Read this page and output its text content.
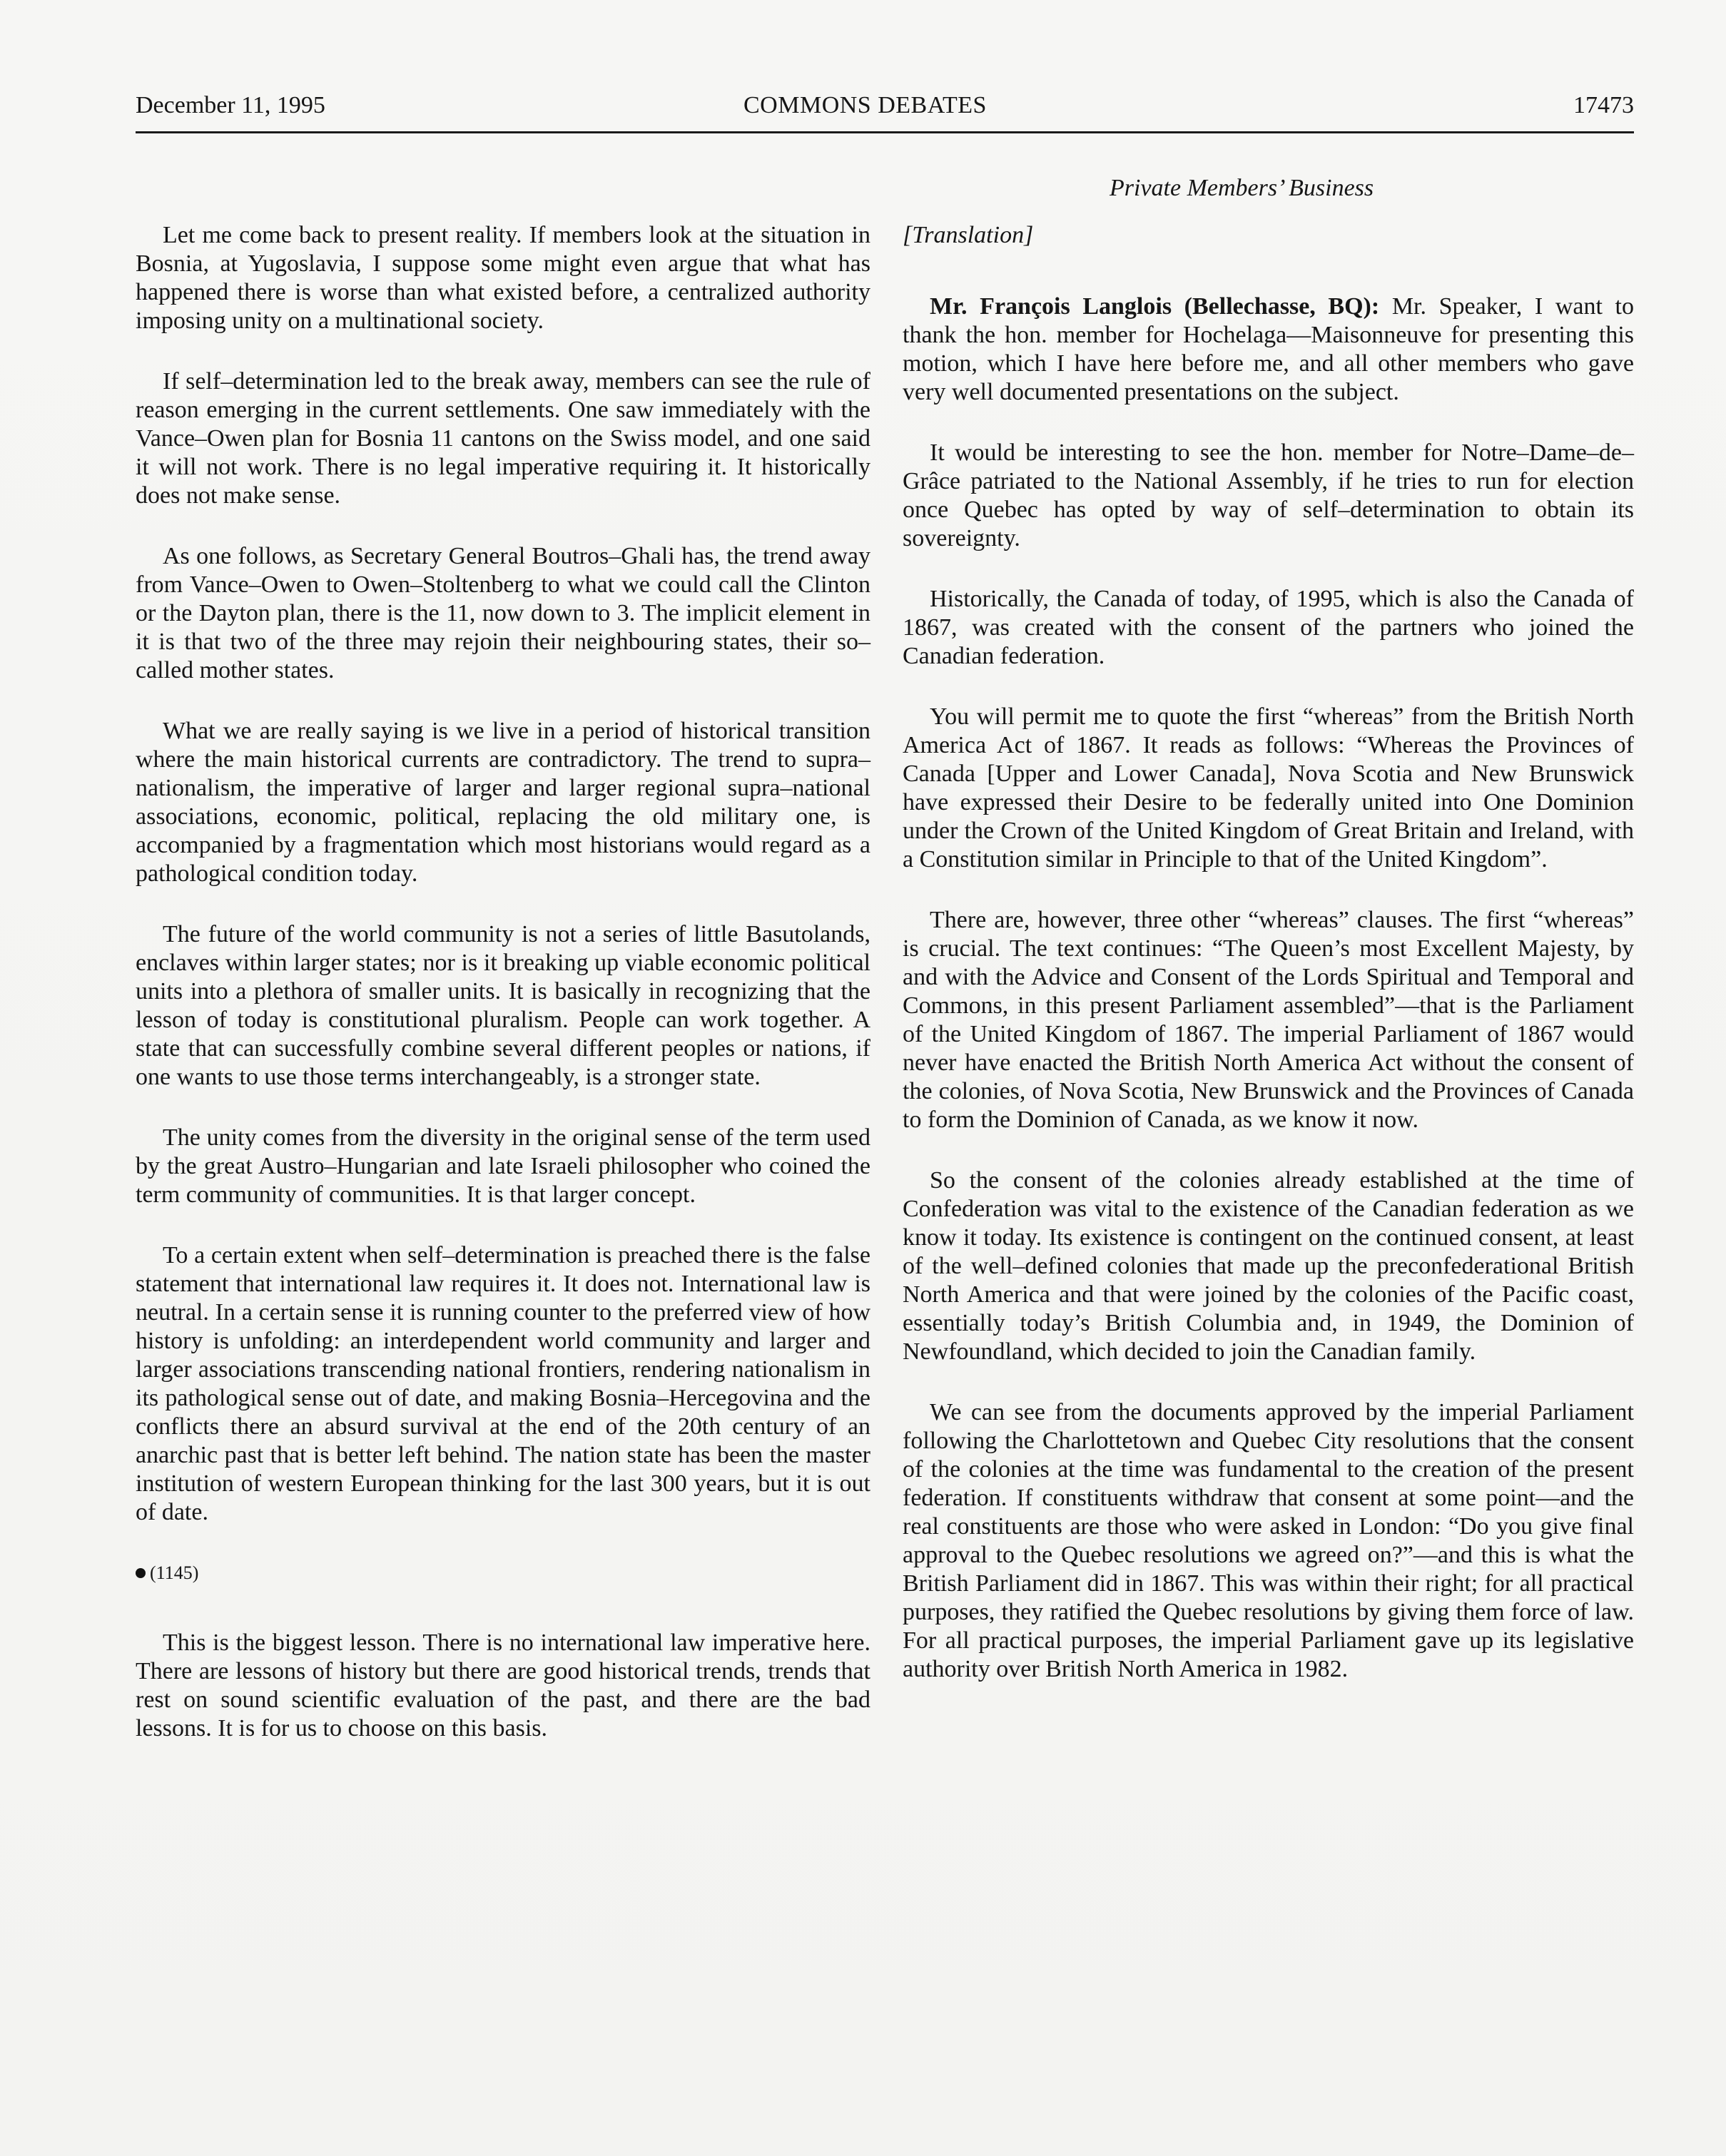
December 11, 1995	COMMONS DEBATES	17473
Private Members’ Business

Let me come back to present reality. If members look at the situation in Bosnia, at Yugoslavia, I suppose some might even argue that what has happened there is worse than what existed before, a centralized authority imposing unity on a multinational society.

If self–determination led to the break away, members can see the rule of reason emerging in the current settlements. One saw immediately with the Vance–Owen plan for Bosnia 11 cantons on the Swiss model, and one said it will not work. There is no legal imperative requiring it. It historically does not make sense.

As one follows, as Secretary General Boutros–Ghali has, the trend away from Vance–Owen to Owen–Stoltenberg to what we could call the Clinton or the Dayton plan, there is the 11, now down to 3. The implicit element in it is that two of the three may rejoin their neighbouring states, their so–called mother states.

What we are really saying is we live in a period of historical transition where the main historical currents are contradictory. The trend to supra–nationalism, the imperative of larger and larger regional supra–national associations, economic, political, replacing the old military one, is accompanied by a fragmentation which most historians would regard as a pathological condition today.

The future of the world community is not a series of little Basutolands, enclaves within larger states; nor is it breaking up viable economic political units into a plethora of smaller units. It is basically in recognizing that the lesson of today is constitutional pluralism. People can work together. A state that can successfully combine several different peoples or nations, if one wants to use those terms interchangeably, is a stronger state.

The unity comes from the diversity in the original sense of the term used by the great Austro–Hungarian and late Israeli philosopher who coined the term community of communities. It is that larger concept.

To a certain extent when self–determination is preached there is the false statement that international law requires it. It does not. International law is neutral. In a certain sense it is running counter to the preferred view of how history is unfolding: an interdependent world community and larger and larger associations transcending national frontiers, rendering nationalism in its pathological sense out of date, and making Bosnia–Hercegovina and the conflicts there an absurd survival at the end of the 20th century of an anarchic past that is better left behind. The nation state has been the master institution of western European thinking for the last 300 years, but it is out of date.

(1145)

This is the biggest lesson. There is no international law imperative here. There are lessons of history but there are good historical trends, trends that rest on sound scientific evaluation of the past, and there are the bad lessons. It is for us to choose on this basis.

[Translation]

Mr. François Langlois (Bellechasse, BQ): Mr. Speaker, I want to thank the hon. member for Hochelaga—Maisonneuve for presenting this motion, which I have here before me, and all other members who gave very well documented presentations on the subject.

It would be interesting to see the hon. member for Notre–Dame–de–Grâce patriated to the National Assembly, if he tries to run for election once Quebec has opted by way of self–determination to obtain its sovereignty.

Historically, the Canada of today, of 1995, which is also the Canada of 1867, was created with the consent of the partners who joined the Canadian federation.

You will permit me to quote the first “whereas” from the British North America Act of 1867. It reads as follows: “Whereas the Provinces of Canada [Upper and Lower Canada], Nova Scotia and New Brunswick have expressed their Desire to be federally united into One Dominion under the Crown of the United Kingdom of Great Britain and Ireland, with a Constitution similar in Principle to that of the United Kingdom”.

There are, however, three other “whereas” clauses. The first “whereas” is crucial. The text continues: “The Queen’s most Excellent Majesty, by and with the Advice and Consent of the Lords Spiritual and Temporal and Commons, in this present Parliament assembled”—that is the Parliament of the United Kingdom of 1867. The imperial Parliament of 1867 would never have enacted the British North America Act without the consent of the colonies, of Nova Scotia, New Brunswick and the Provinces of Canada to form the Dominion of Canada, as we know it now.

So the consent of the colonies already established at the time of Confederation was vital to the existence of the Canadian federation as we know it today. Its existence is contingent on the continued consent, at least of the well–defined colonies that made up the preconfederational British North America and that were joined by the colonies of the Pacific coast, essentially today’s British Columbia and, in 1949, the Dominion of Newfoundland, which decided to join the Canadian family.

We can see from the documents approved by the imperial Parliament following the Charlottetown and Quebec City resolutions that the consent of the colonies at the time was fundamental to the creation of the present federation. If constituents withdraw that consent at some point—and the real constituents are those who were asked in London: “Do you give final approval to the Quebec resolutions we agreed on?”—and this is what the British Parliament did in 1867. This was within their right; for all practical purposes, they ratified the Quebec resolutions by giving them force of law. For all practical purposes, the imperial Parliament gave up its legislative authority over British North America in 1982.
